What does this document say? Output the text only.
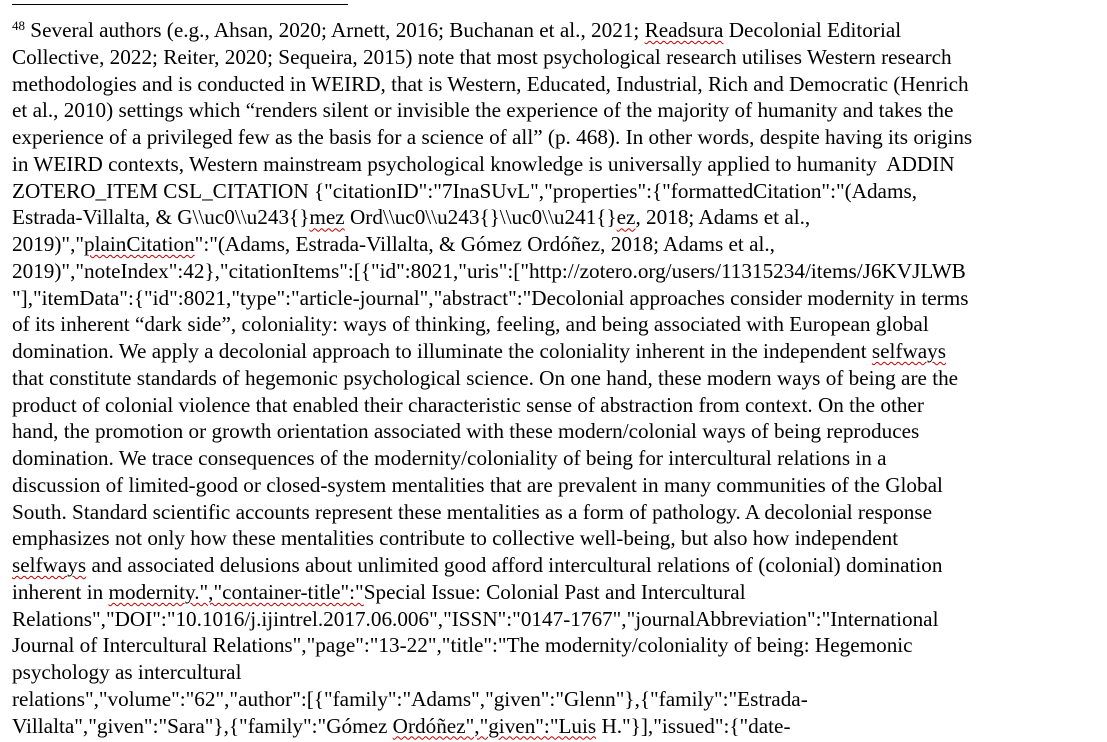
$^{48}$ Several authors (e.g., Ahsan, 2020; Arnett, 2016; Buchanan et al., 2021; Readsura Decolonial Editorial
Collective, 2022; Reiter, 2020; Sequeira, 2015) note that most psychological research utilises Western research
methodologies and is conducted in WEIRD, that is Western, Educated, Industrial, Rich and Democratic (Henrich
et al., 2010) settings which “renders silent or invisible the experience of the majority of humanity and takes the
experience of a privileged few as the basis for a science of all” (p. 468). In other words, despite having its origins
in WEIRD contexts, Western mainstream psychological knowledge is universally applied to humanity  ADDIN
ZOTERO_ITEM CSL_CITATION {"citationID":"7InaSUvL","properties":{"formattedCitation":"(Adams,
Estrada-Villalta, & G\\uc0\\u243{}mez Ord\\uc0\\u243{}\\uc0\\u241{}ez, 2018; Adams et al.,
2019)","plainCitation":"(Adams, Estrada-Villalta, & Gómez Ordóñez, 2018; Adams et al.,
2019)","noteIndex":42},"citationItems":[{"id":8021,"uris":["http://zotero.org/users/11315234/items/J6KVJLWB
"],"itemData":{"id":8021,"type":"article-journal","abstract":"Decolonial approaches consider modernity in terms
of its inherent “dark side”, coloniality: ways of thinking, feeling, and being associated with European global
domination. We apply a decolonial approach to illuminate the coloniality inherent in the independent selfways
that constitute standards of hegemonic psychological science. On one hand, these modern ways of being are the
product of colonial violence that enabled their characteristic sense of abstraction from context. On the other
hand, the promotion or growth orientation associated with these modern/colonial ways of being reproduces
domination. We trace consequences of the modernity/coloniality of being for intercultural relations in a
discussion of limited-good or closed-system mentalities that are prevalent in many communities of the Global
South. Standard scientific accounts represent these mentalities as a form of pathology. A decolonial response
emphasizes not only how these mentalities contribute to collective well-being, but also how independent
selfways and associated delusions about unlimited good afford intercultural relations of (colonial) domination
inherent in modernity.","container-title":"Special Issue: Colonial Past and Intercultural
Relations","DOI":"10.1016/j.ijintrel.2017.06.006","ISSN":"0147-1767","journalAbbreviation":"International
Journal of Intercultural Relations","page":"13-22","title":"The modernity/coloniality of being: Hegemonic
psychology as intercultural
relations","volume":"62","author":[{"family":"Adams","given":"Glenn"},{"family":"Estrada-
Villalta","given":"Sara"},{"family":"Gómez Ordóñez","given":"Luis H."}],"issued":{"date-
